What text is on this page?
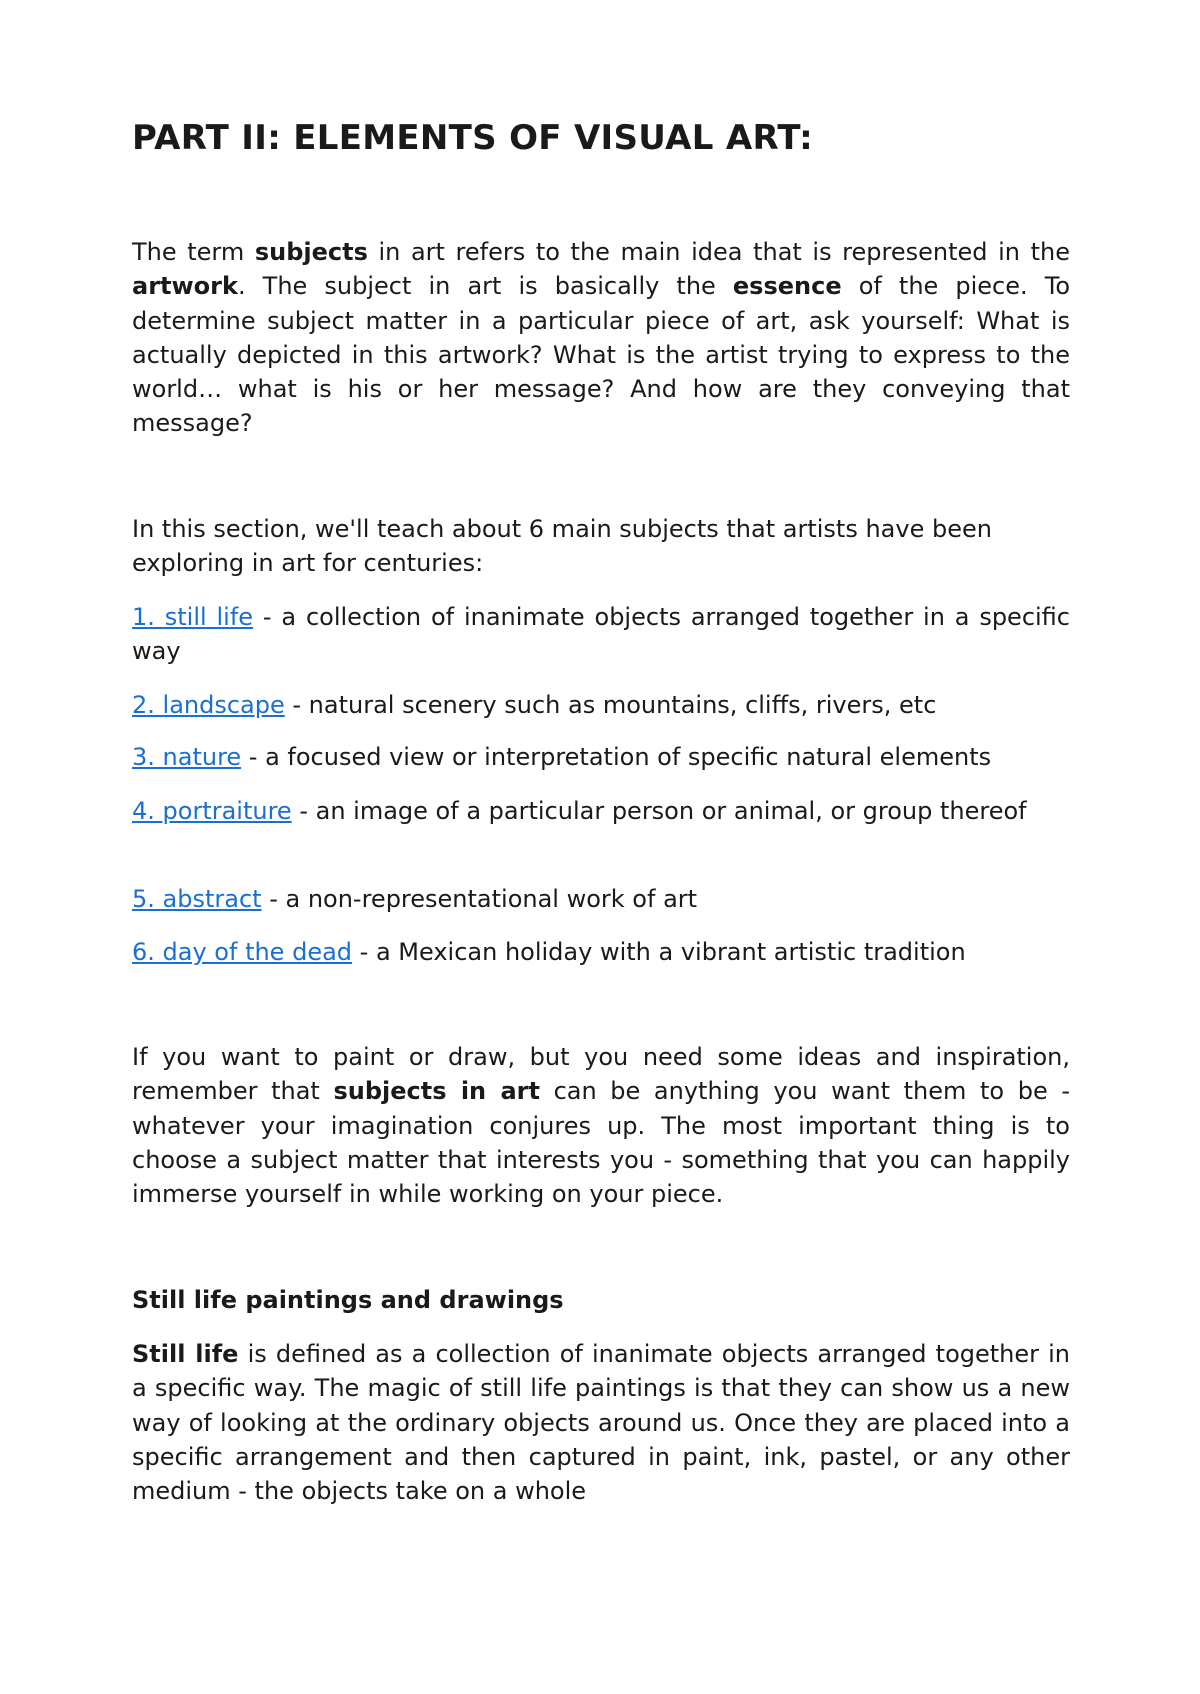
PART II: ELEMENTS OF VISUAL ART:

The term subjects in art refers to the main idea that is represented in the artwork. The subject in art is basically the essence of the piece. To determine subject matter in a particular piece of art, ask yourself: What is actually depicted in this artwork? What is the artist trying to express to the world… what is his or her message? And how are they conveying that message?

In this section, we'll teach about 6 main subjects that artists have been exploring in art for centuries:

1. still life - a collection of inanimate objects arranged together in a specific way

2. landscape - natural scenery such as mountains, cliffs, rivers, etc

3. nature - a focused view or interpretation of specific natural elements

4. portraiture - an image of a particular person or animal, or group thereof

5. abstract - a non-representational work of art

6. day of the dead - a Mexican holiday with a vibrant artistic tradition

If you want to paint or draw, but you need some ideas and inspiration, remember that subjects in art can be anything you want them to be - whatever your imagination conjures up. The most important thing is to choose a subject matter that interests you - something that you can happily immerse yourself in while working on your piece.

Still life paintings and drawings

Still life is defined as a collection of inanimate objects arranged together in a specific way. The magic of still life paintings is that they can show us a new way of looking at the ordinary objects around us. Once they are placed into a specific arrangement and then captured in paint, ink, pastel, or any other medium - the objects take on a whole
